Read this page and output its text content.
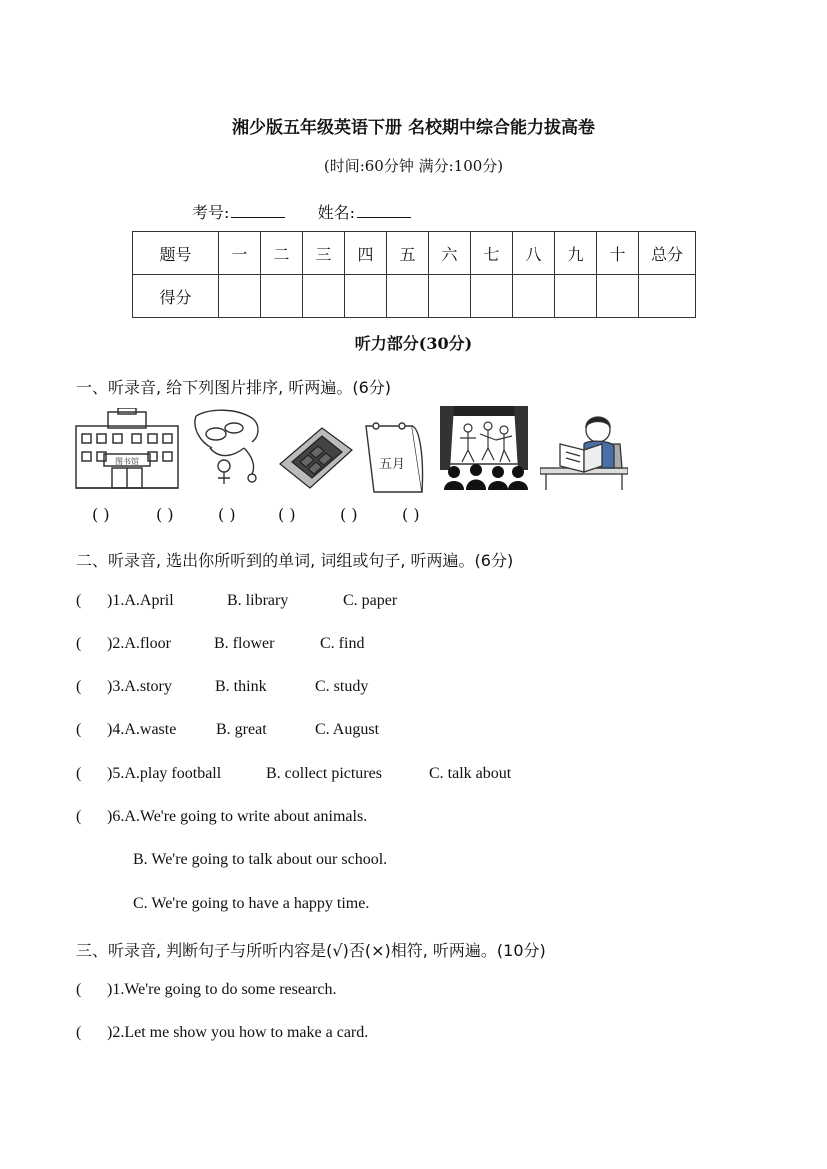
湘少版五年级英语下册 名校期中综合能力拔高卷
(时间:60分钟 满分:100分)
考号:	姓名:
题号	一	二	三	四	五	六	七	八	九	十	总分
得分											
听力部分(30分)
一、听录音, 给下列图片排序, 听两遍。(6分)
图书馆	五月
( )	( )	( )	( )	( )	( )
二、听录音, 选出你所听到的单词, 词组或句子, 听两遍。(6分)
( )1.A.April	B. library	C. paper
( )2.A.floor	B. flower	C. find
( )3.A.story	B. think	C. study
( )4.A.waste B. great	C. August
( )5.A.play football	B. collect pictures	C. talk about
( )6.A.We're going to write about animals.
B. We're going to talk about our school.
C. We're going to have a happy time.
三、听录音, 判断句子与所听内容是(√)否(×)相符, 听两遍。(10分)
( )1.We're going to do some research.
( )2.Let me show you how to make a card.
